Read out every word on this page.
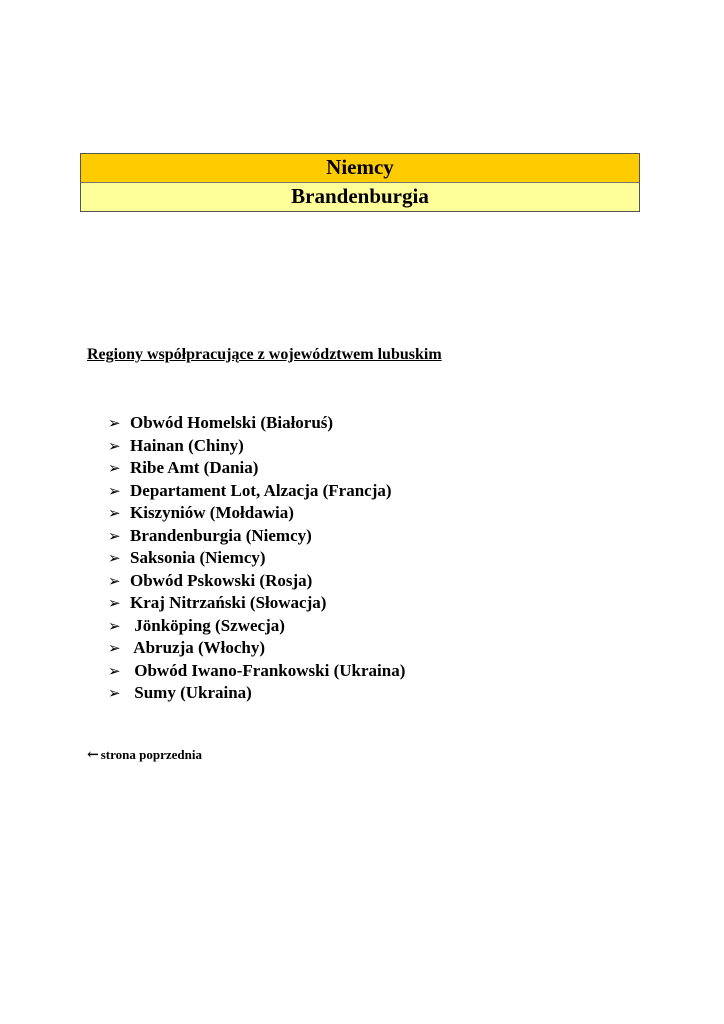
Niemcy
Brandenburgia
Regiony współpracujące z województwem lubuskim
➢ Obwód Homelski (Białoruś)
➢ Hainan (Chiny)
➢ Ribe Amt (Dania)
➢ Departament Lot, Alzacja (Francja)
➢ Kiszyniów (Mołdawia)
➢ Brandenburgia (Niemcy)
➢ Saksonia (Niemcy)
➢ Obwód Pskowski (Rosja)
➢ Kraj Nitrzański (Słowacja)
➢ Jönköping (Szwecja)
➢ Abruzja (Włochy)
➢ Obwód Iwano-Frankowski (Ukraina)
➢ Sumy (Ukraina)
← strona poprzednia
